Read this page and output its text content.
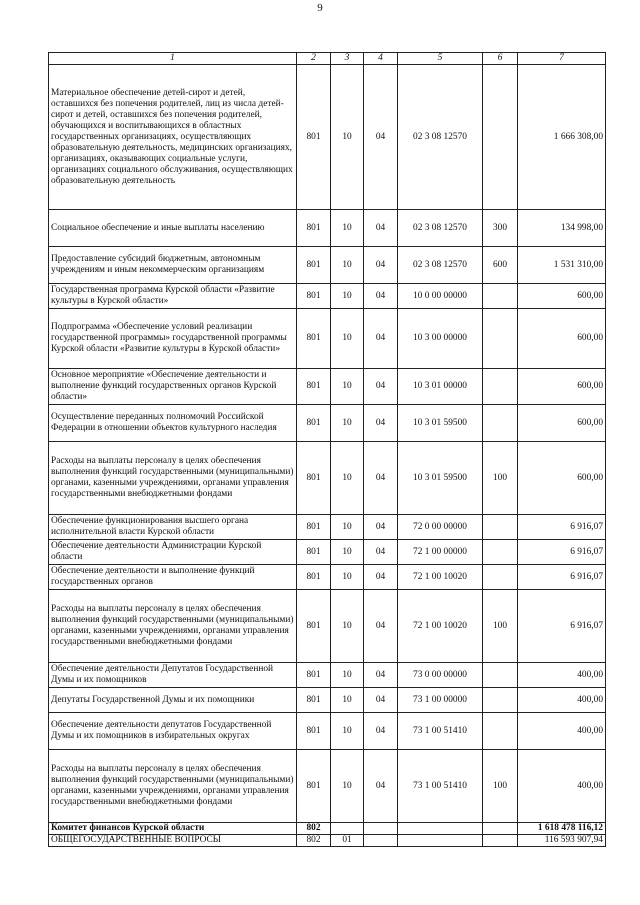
9
1	2	3	4	5	6	7
Материальное обеспечение детей-сирот и детей, оставшихся без попечения родителей, лиц из числа детей-сирот и детей, оставшихся без попечения родителей, обучающихся и воспитывающихся в областных государственных организациях, осуществляющих образовательную деятельность, медицинских организациях, организациях, оказывающих социальные услуги, организациях социального обслуживания, осуществляющих образовательную деятельность	801	10	04	02 3 08 12570		1 666 308,00
Социальное обеспечение и иные выплаты населению	801	10	04	02 3 08 12570	300	134 998,00
Предоставление субсидий бюджетным, автономным учреждениям и иным некоммерческим организациям	801	10	04	02 3 08 12570	600	1 531 310,00
Государственная программа Курской области «Развитие культуры в Курской области»	801	10	04	10 0 00 00000		600,00
Подпрограмма «Обеспечение условий реализации государственной программы» государственной программы Курской области «Развитие культуры в Курской области»	801	10	04	10 3 00 00000		600,00
Основное мероприятие «Обеспечение деятельности и выполнение функций государственных органов Курской области»	801	10	04	10 3 01 00000		600,00
Осуществление переданных полномочий Российской Федерации в отношении объектов культурного наследия	801	10	04	10 3 01 59500		600,00
Расходы на выплаты персоналу в целях обеспечения выполнения функций государственными (муниципальными) органами, казенными учреждениями, органами управления государственными внебюджетными фондами	801	10	04	10 3 01 59500	100	600,00
Обеспечение функционирования высшего органа исполнительной власти Курской области	801	10	04	72 0 00 00000		6 916,07
Обеспечение деятельности Администрации Курской области	801	10	04	72 1 00 00000		6 916,07
Обеспечение деятельности и выполнение функций государственных органов	801	10	04	72 1 00 10020		6 916,07
Расходы на выплаты персоналу в целях обеспечения выполнения функций государственными (муниципальными) органами, казенными учреждениями, органами управления государственными внебюджетными фондами	801	10	04	72 1 00 10020	100	6 916,07
Обеспечение деятельности Депутатов Государственной Думы и их помощников	801	10	04	73 0 00 00000		400,00
Депутаты Государственной Думы и их помощники	801	10	04	73 1 00 00000		400,00
Обеспечение деятельности депутатов Государственной Думы и их помощников в избирательных округах	801	10	04	73 1 00 51410		400,00
Расходы на выплаты персоналу в целях обеспечения выполнения функций государственными (муниципальными) органами, казенными учреждениями, органами управления государственными внебюджетными фондами	801	10	04	73 1 00 51410	100	400,00
Комитет финансов Курской области	802					1 618 478 116,12
ОБЩЕГОСУДАРСТВЕННЫЕ ВОПРОСЫ	802	01				116 593 907,94
